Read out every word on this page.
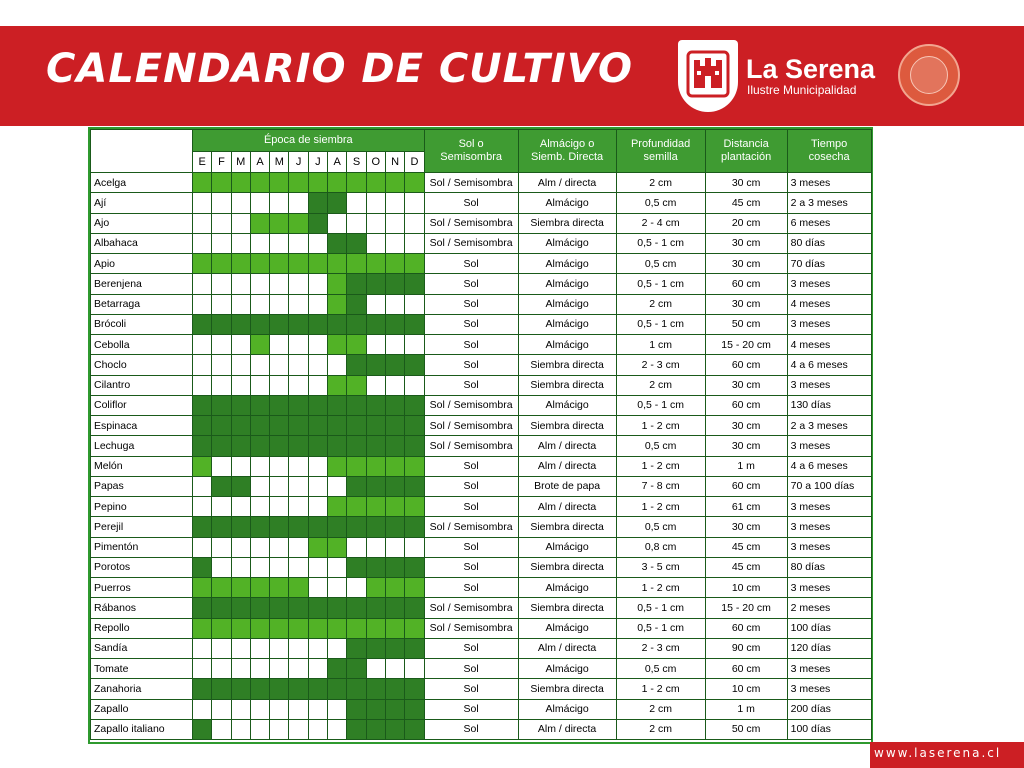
CALENDARIO DE CULTIVO	La Serena
Ilustre Municipalidad
	Época de siembra												Sol o
Semisombra	Almácigo o
Siemb. Directa	Profundidad
semilla	Distancia
plantación	Tiempo
cosecha
	E	F	M	A	M	J	J	A	S	O	N	D					
Acelga													Sol / Semisombra	Alm / directa	2 cm	30 cm	3 meses
Ají													Sol	Almácigo	0,5 cm	45 cm	2 a 3 meses
Ajo													Sol / Semisombra	Siembra directa	2 - 4 cm	20 cm	6 meses
Albahaca													Sol / Semisombra	Almácigo	0,5 - 1 cm	30 cm	80 días
Apio													Sol	Almácigo	0,5 cm	30 cm	70 días
Berenjena													Sol	Almácigo	0,5 - 1 cm	60 cm	3 meses
Betarraga													Sol	Almácigo	2 cm	30 cm	4 meses
Brócoli													Sol	Almácigo	0,5 - 1 cm	50 cm	3 meses
Cebolla													Sol	Almácigo	1 cm	15 - 20 cm	4 meses
Choclo													Sol	Siembra directa	2 - 3 cm	60 cm	4 a 6 meses
Cilantro													Sol	Siembra directa	2 cm	30 cm	3 meses
Coliflor													Sol / Semisombra	Almácigo	0,5 - 1 cm	60 cm	130 días
Espinaca													Sol / Semisombra	Siembra directa	1 - 2 cm	30 cm	2 a 3 meses
Lechuga													Sol / Semisombra	Alm / directa	0,5 cm	30 cm	3 meses
Melón													Sol	Alm / directa	1 - 2 cm	1 m	4 a 6 meses
Papas													Sol	Brote de papa	7 - 8 cm	60 cm	70 a 100 días
Pepino													Sol	Alm / directa	1 - 2 cm	61 cm	3 meses
Perejil													Sol / Semisombra	Siembra directa	0,5 cm	30 cm	3 meses
Pimentón													Sol	Almácigo	0,8 cm	45 cm	3 meses
Porotos													Sol	Siembra directa	3 - 5 cm	45 cm	80 días
Puerros													Sol	Almácigo	1 - 2 cm	10 cm	3 meses
Rábanos													Sol / Semisombra	Siembra directa	0,5 - 1 cm	15 - 20 cm	2 meses
Repollo													Sol / Semisombra	Almácigo	0,5 - 1 cm	60 cm	100 días
Sandía													Sol	Alm / directa	2 - 3 cm	90 cm	120 días
Tomate													Sol	Almácigo	0,5 cm	60 cm	3 meses
Zanahoria													Sol	Siembra directa	1 - 2 cm	10 cm	3 meses
Zapallo													Sol	Almácigo	2 cm	1 m	200 días
Zapallo italiano													Sol	Alm / directa	2 cm	50 cm	100 días
www.laserena.cl
